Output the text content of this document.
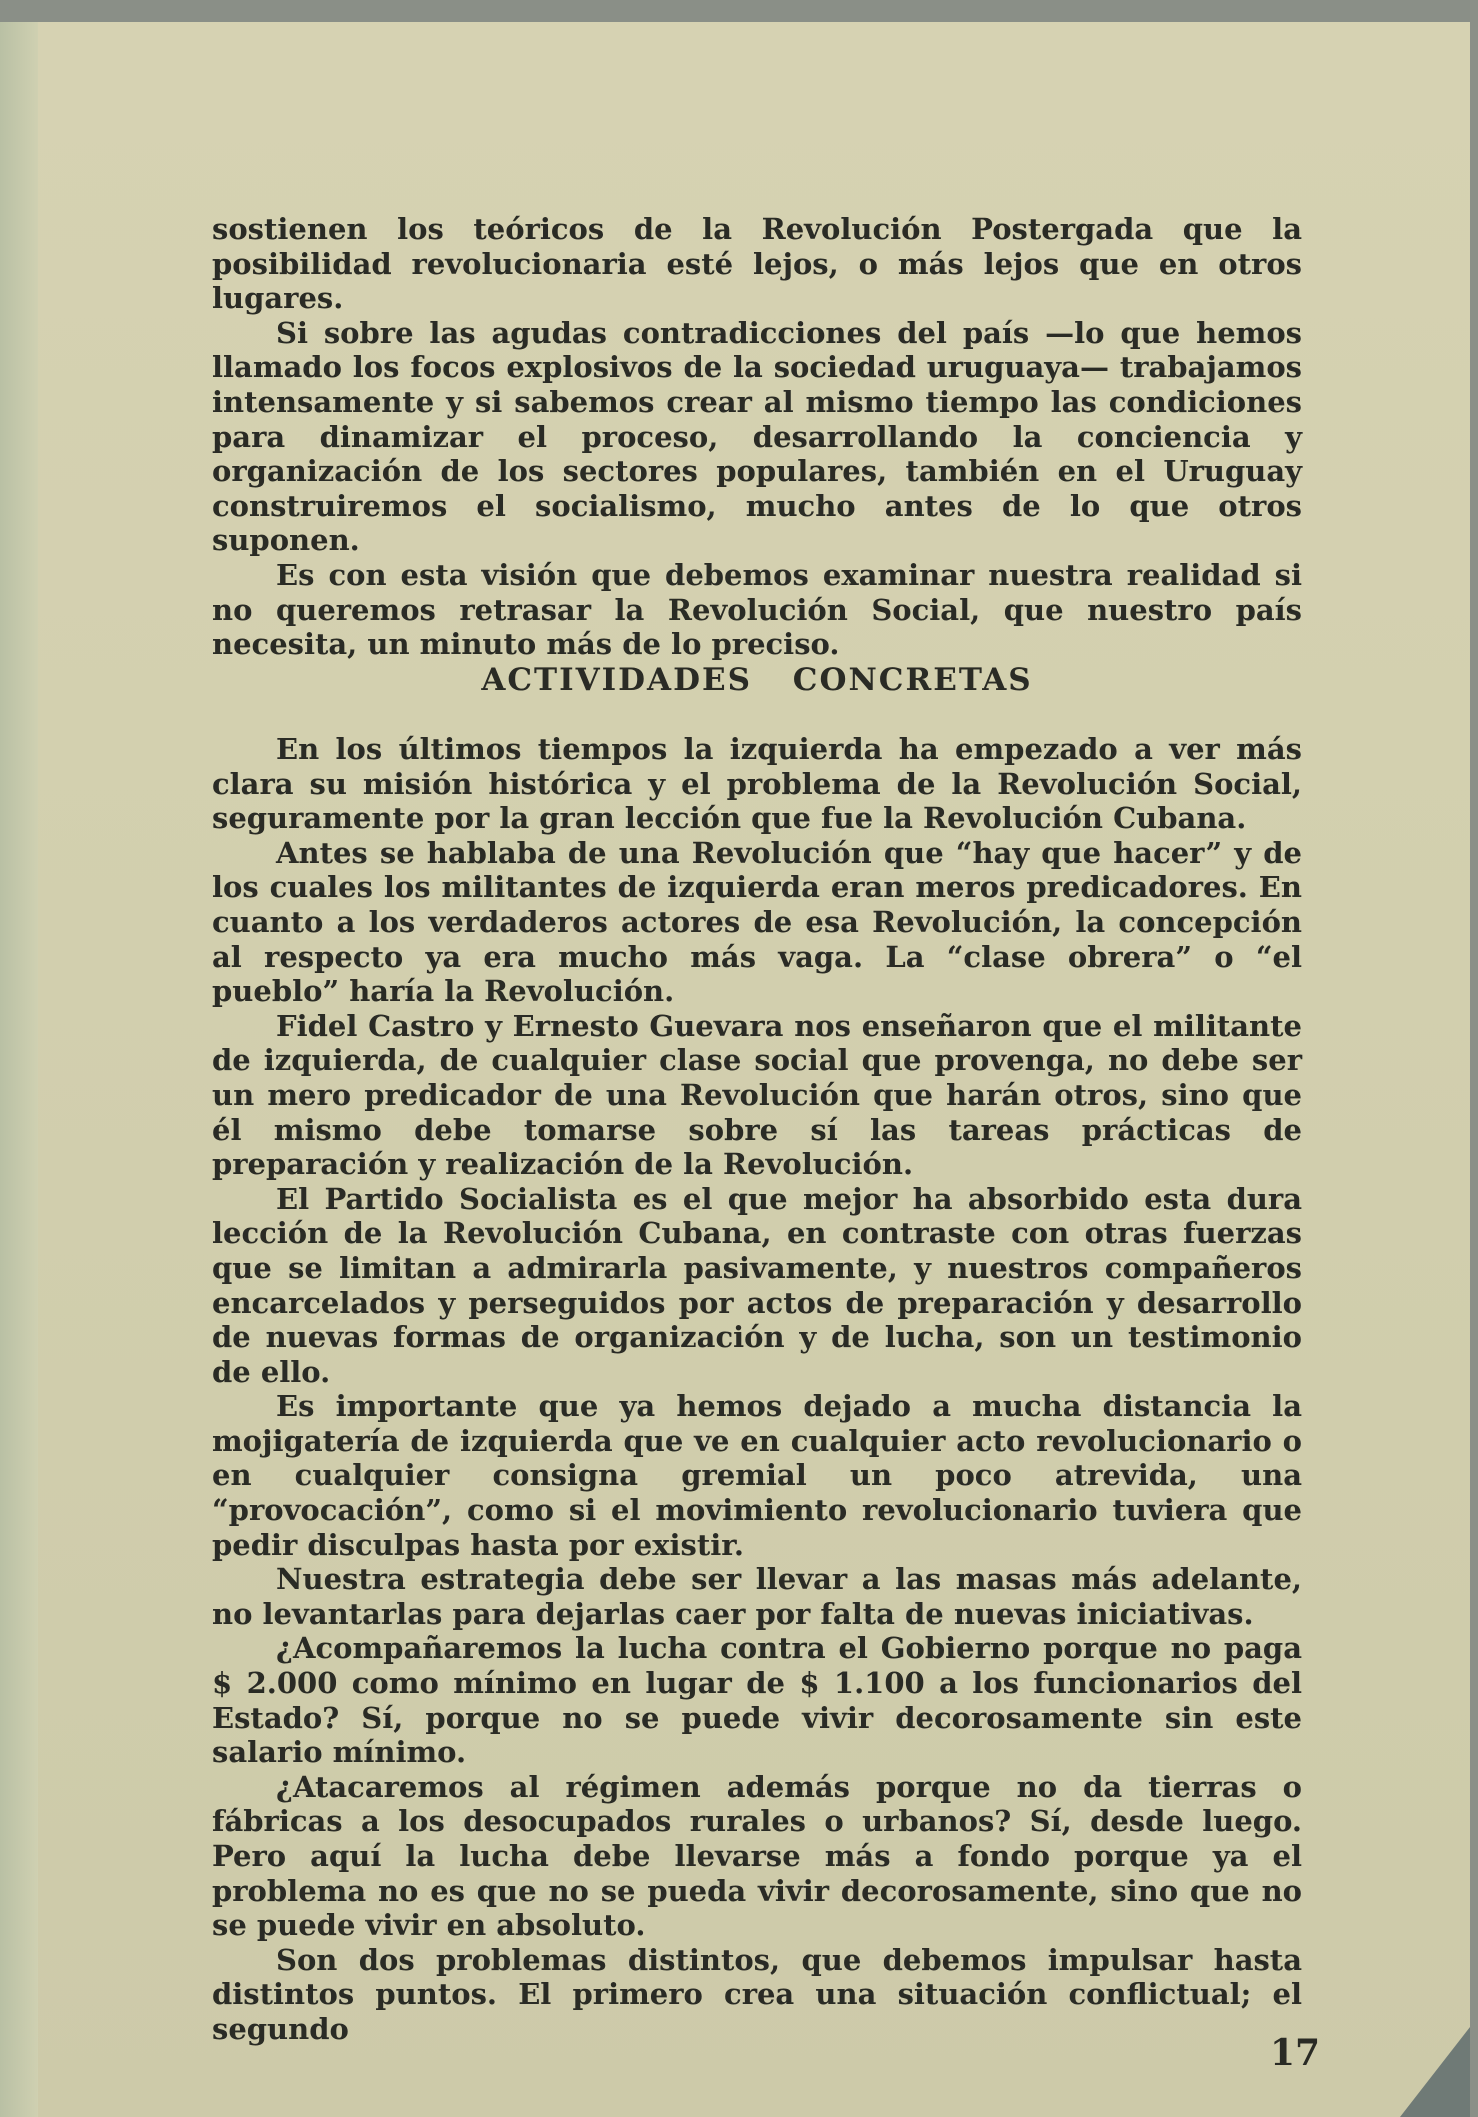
sostienen los teóricos de la Revolución Postergada que la posibilidad revolucionaria esté lejos, o más lejos que en otros lugares.

Si sobre las agudas contradicciones del país —lo que hemos llamado los focos explosivos de la sociedad uruguaya— trabajamos intensamente y si sabemos crear al mismo tiempo las condiciones para dinamizar el proceso, desarrollando la conciencia y organización de los sectores populares, también en el Uruguay construiremos el socialismo, mucho antes de lo que otros suponen.

Es con esta visión que debemos examinar nuestra realidad si no queremos retrasar la Revolución Social, que nuestro país necesita, un minuto más de lo preciso.

ACTIVIDADES CONCRETAS

En los últimos tiempos la izquierda ha empezado a ver más clara su misión histórica y el problema de la Revolución Social, seguramente por la gran lección que fue la Revolución Cubana.

Antes se hablaba de una Revolución que “hay que hacer” y de los cuales los militantes de izquierda eran meros predicadores. En cuanto a los verdaderos actores de esa Revolución, la concepción al respecto ya era mucho más vaga. La “clase obrera” o “el pueblo” haría la Revolución.

Fidel Castro y Ernesto Guevara nos enseñaron que el militante de izquierda, de cualquier clase social que provenga, no debe ser un mero predicador de una Revolución que harán otros, sino que él mismo debe tomarse sobre sí las tareas prácticas de preparación y realización de la Revolución.

El Partido Socialista es el que mejor ha absorbido esta dura lección de la Revolución Cubana, en contraste con otras fuerzas que se limitan a admirarla pasivamente, y nuestros compañeros encarcelados y perseguidos por actos de preparación y desarrollo de nuevas formas de organización y de lucha, son un testimonio de ello.

Es importante que ya hemos dejado a mucha distancia la mojigatería de izquierda que ve en cualquier acto revolucionario o en cualquier consigna gremial un poco atrevida, una “provocación”, como si el movimiento revolucionario tuviera que pedir disculpas hasta por existir.

Nuestra estrategia debe ser llevar a las masas más adelante, no levantarlas para dejarlas caer por falta de nuevas iniciativas.

¿Acompañaremos la lucha contra el Gobierno porque no paga $ 2.000 como mínimo en lugar de $ 1.100 a los funcionarios del Estado? Sí, porque no se puede vivir decorosamente sin este salario mínimo.

¿Atacaremos al régimen además porque no da tierras o fábricas a los desocupados rurales o urbanos? Sí, desde luego. Pero aquí la lucha debe llevarse más a fondo porque ya el problema no es que no se pueda vivir decorosamente, sino que no se puede vivir en absoluto.

Son dos problemas distintos, que debemos impulsar hasta distintos puntos. El primero crea una situación conflictual; el segundo

17
